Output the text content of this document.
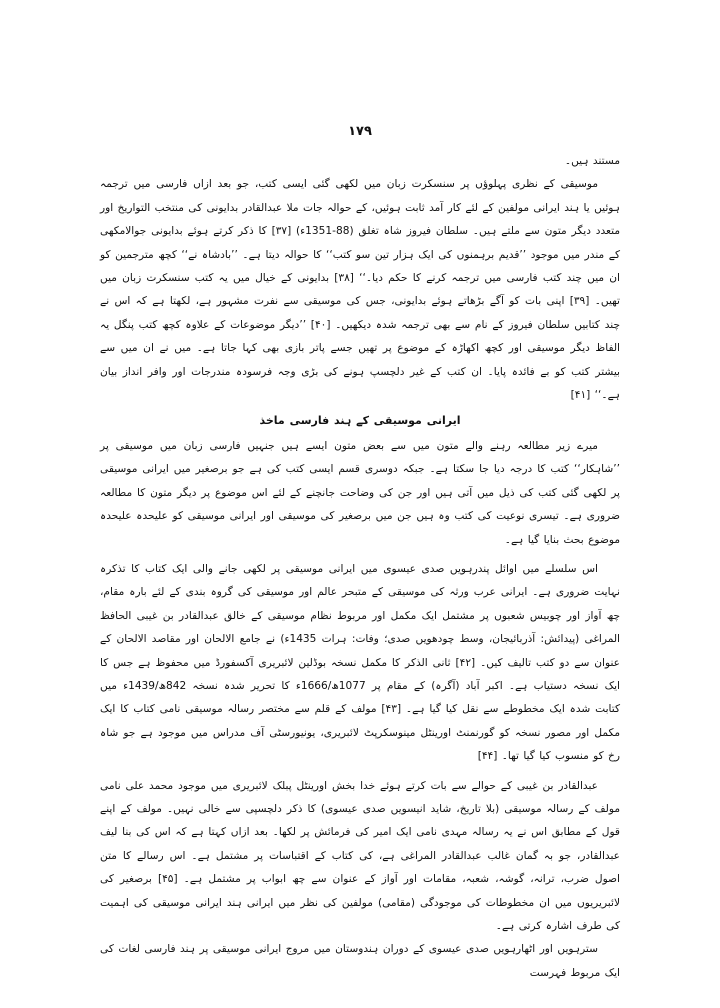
۱۷۹

مستند ہیں۔

موسیقی کے نظری پہلوؤں پر سنسکرت زبان میں لکھی گئی ایسی کتب، جو بعد ازاں فارسی میں ترجمہ ہوئیں یا ہند ایرانی مولفین کے لئے کار آمد ثابت ہوئیں، کے حوالہ جات ملا عبدالقادر بدایونی کی منتخب التواریخ اور متعدد دیگر متون سے ملتے ہیں۔ سلطان فیروز شاہ تغلق (88-1351ء) [۳۷] کا ذکر کرتے ہوئے بدایونی جوالامکھی کے مندر میں موجود ’’قدیم برہمنوں کی ایک ہزار تین سو کتب‘‘ کا حوالہ دیتا ہے۔ ’’بادشاہ نے‘‘ کچھ مترجمین کو ان میں چند کتب فارسی میں ترجمہ کرنے کا حکم دیا۔‘‘ [۳۸] بدایونی کے خیال میں یہ کتب سنسکرت زبان میں تھیں۔ [۳۹] اپنی بات کو آگے بڑھاتے ہوئے بدایونی، جس کی موسیقی سے نفرت مشہور ہے، لکھتا ہے کہ اس نے چند کتابیں سلطان فیروز کے نام سے بھی ترجمہ شدہ دیکھیں۔ [۴۰] ’’دیگر موضوعات کے علاوہ کچھ کتب پنگل یہ الفاظ دیگر موسیقی اور کچھ اکھاڑہ کے موضوع پر تھیں جسے پاتر بازی بھی کہا جاتا ہے۔ میں نے ان میں سے بیشتر کتب کو بے فائدہ پایا۔ ان کتب کے غیر دلچسپ ہونے کی بڑی وجہ فرسودہ مندرجات اور وافر انداز بیان ہے۔‘‘ [۴۱]

ایرانی موسیقی کے ہند فارسی ماخذ

میرے زیر مطالعہ رہنے والے متون میں سے بعض متون ایسے ہیں جنہیں فارسی زبان میں موسیقی پر ’’شاہکار‘‘ کتب کا درجہ دیا جا سکتا ہے۔ جبکہ دوسری قسم ایسی کتب کی ہے جو برصغیر میں ایرانی موسیقی پر لکھی گئی کتب کی ذیل میں آتی ہیں اور جن کی وضاحت جانچنے کے لئے اس موضوع پر دیگر متون کا مطالعہ ضروری ہے۔ تیسری نوعیت کی کتب وہ ہیں جن میں برصغیر کی موسیقی اور ایرانی موسیقی کو علیحدہ علیحدہ موضوع بحث بنایا گیا ہے۔

اس سلسلے میں اوائل پندرہویں صدی عیسوی میں ایرانی موسیقی پر لکھی جانے والی ایک کتاب کا تذکرہ نہایت ضروری ہے۔ ایرانی عرب ورثہ کی موسیقی کے متبحر عالم اور موسیقی کی گروہ بندی کے لئے بارہ مقام، چھ آواز اور چوبیس شعبوں پر مشتمل ایک مکمل اور مربوط نظام موسیقی کے خالق عبدالقادر بن غیبی الحافظ المراغی (پیدائش: آذربائیجان، وسط چودھویں صدی؛ وفات: ہرات 1435ء) نے جامع الالحان اور مقاصد الالحان کے عنوان سے دو کتب تالیف کیں۔ [۴۲] ثانی الذکر کا مکمل نسخہ بوڈلین لائبریری آکسفورڈ میں محفوظ ہے جس کا ایک نسخہ دستیاب ہے۔ اکبر آباد (آگرہ) کے مقام پر 1077ھ/1666ء کا تحریر شدہ نسخہ 842ھ/1439ء میں کتابت شدہ ایک مخطوطے سے نقل کیا گیا ہے۔ [۴۳] مولف کے قلم سے مختصر رسالہ موسیقی نامی کتاب کا ایک مکمل اور مصور نسخہ کو گورنمنٹ اورینٹل مینوسکرپٹ لائبریری، یونیورسٹی آف مدراس میں موجود ہے جو شاہ رخ کو منسوب کیا گیا تھا۔ [۴۴]

عبدالقادر بن غیبی کے حوالے سے بات کرتے ہوئے خدا بخش اورینٹل پبلک لائبریری میں موجود محمد علی نامی مولف کے رسالہ موسیقی (بلا تاریخ، شاید انیسویں صدی عیسوی) کا ذکر دلچسپی سے خالی نہیں۔ مولف کے اپنے قول کے مطابق اس نے یہ رسالہ مہدی نامی ایک امیر کی فرمائش پر لکھا۔ بعد ازاں کہتا ہے کہ اس کی بنا لیف عبدالقادر، جو بہ گمان غالب عبدالقادر المراغی ہے، کی کتاب کے اقتباسات پر مشتمل ہے۔ اس رسالے کا متن اصول ضرب، ترانہ، گوشہ، شعبہ، مقامات اور آواز کے عنوان سے چھ ابواب پر مشتمل ہے۔ [۴۵] برصغیر کی لائبریریوں میں ان مخطوطات کی موجودگی (مقامی) مولفین کی نظر میں ایرانی ہند ایرانی موسیقی کی اہمیت کی طرف اشارہ کرتی ہے۔

سترہویں اور اٹھارہویں صدی عیسوی کے دوران ہندوستان میں مروج ایرانی موسیقی پر ہند فارسی لغات کی ایک مربوط فہرست
